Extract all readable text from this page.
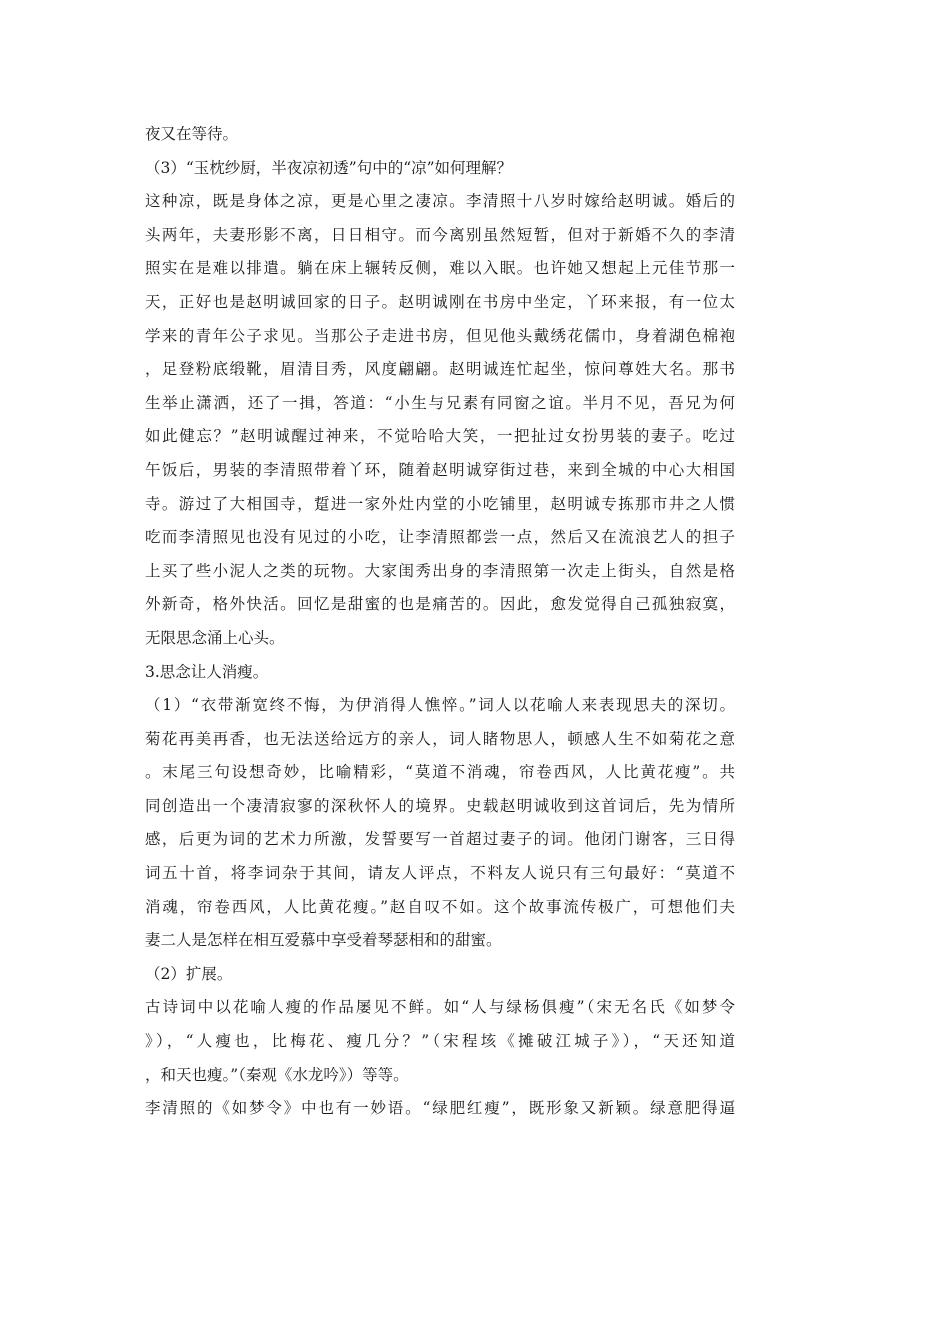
夜又在等待。
（3）“玉枕纱厨，半夜凉初透”句中的“凉”如何理解？
这种凉，既是身体之凉，更是心里之凄凉。李清照十八岁时嫁给赵明诚。婚后的
头两年，夫妻形影不离，日日相守。而今离别虽然短暂，但对于新婚不久的李清
照实在是难以排遣。躺在床上辗转反侧，难以入眠。也许她又想起上元佳节那一
天，正好也是赵明诚回家的日子。赵明诚刚在书房中坐定，丫环来报，有一位太
学来的青年公子求见。当那公子走进书房，但见他头戴绣花儒巾，身着湖色棉袍
，足登粉底缎靴，眉清目秀，风度翩翩。赵明诚连忙起坐，惊问尊姓大名。那书
生举止潇洒，还了一揖，答道：“小生与兄素有同窗之谊。半月不见，吾兄为何
如此健忘？”赵明诚醒过神来，不觉哈哈大笑，一把扯过女扮男装的妻子。吃过
午饭后，男装的李清照带着丫环，随着赵明诚穿街过巷，来到全城的中心大相国
寺。游过了大相国寺，踅进一家外灶内堂的小吃铺里，赵明诚专拣那市井之人惯
吃而李清照见也没有见过的小吃，让李清照都尝一点，然后又在流浪艺人的担子
上买了些小泥人之类的玩物。大家闺秀出身的李清照第一次走上街头，自然是格
外新奇，格外快活。回忆是甜蜜的也是痛苦的。因此，愈发觉得自己孤独寂寞，
无限思念涌上心头。
3.思念让人消瘦。
（1）“衣带渐宽终不悔，为伊消得人憔悴。”词人以花喻人来表现思夫的深切。
菊花再美再香，也无法送给远方的亲人，词人睹物思人，顿感人生不如菊花之意
。末尾三句设想奇妙，比喻精彩，“莫道不消魂，帘卷西风，人比黄花瘦”。共
同创造出一个凄清寂寥的深秋怀人的境界。史载赵明诚收到这首词后，先为情所
感，后更为词的艺术力所激，发誓要写一首超过妻子的词。他闭门谢客，三日得
词五十首，将李词杂于其间，请友人评点，不料友人说只有三句最好：“莫道不
消魂，帘卷西风，人比黄花瘦。”赵自叹不如。这个故事流传极广，可想他们夫
妻二人是怎样在相互爱慕中享受着琴瑟相和的甜蜜。
（2）扩展。
古诗词中以花喻人瘦的作品屡见不鲜。如“人与绿杨俱瘦”（宋无名氏《如梦令
》），“人瘦也，比梅花、瘦几分？”（宋程垓《摊破江城子》），“天还知道
，和天也瘦。”（秦观《水龙吟》）等等。
李清照的《如梦令》中也有一妙语。“绿肥红瘦”，既形象又新颖。绿意肥得逼
